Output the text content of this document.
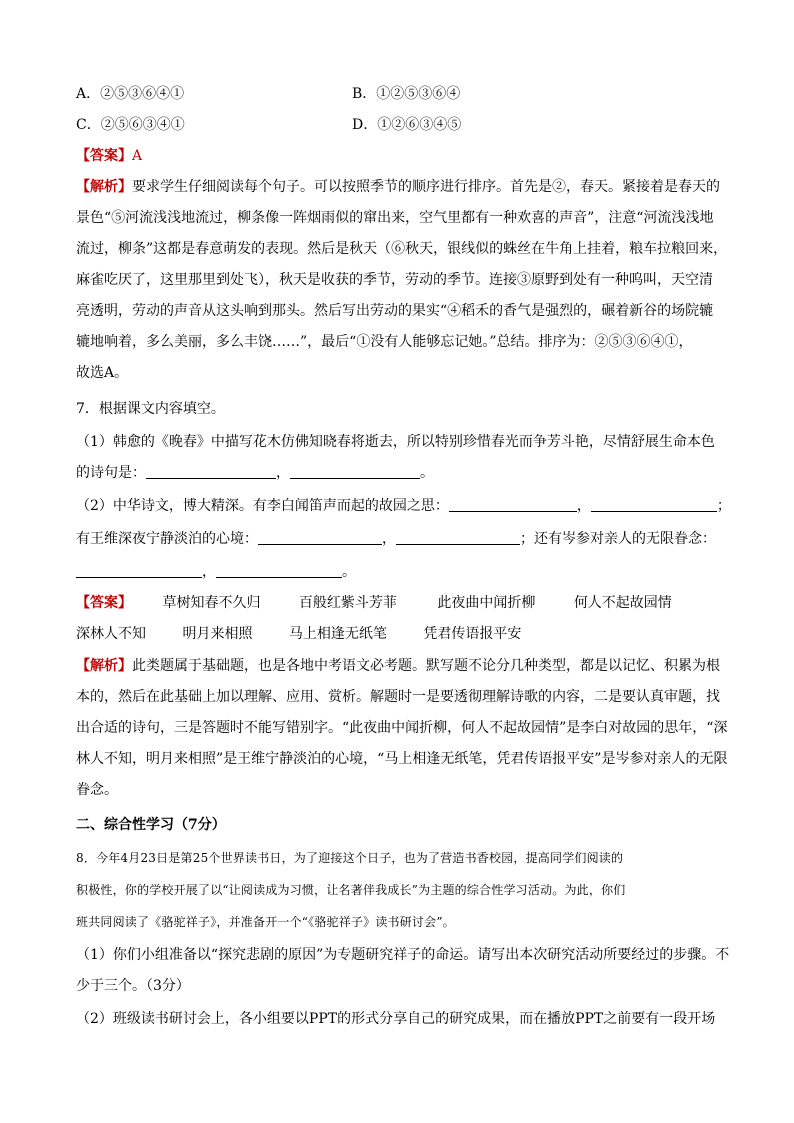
A．②⑤③⑥④①	B．①②⑤③⑥④
C．②⑤⑥③④①	D．①②⑥③④⑤
【答案】A
【解析】要求学生仔细阅读每个句子。可以按照季节的顺序进行排序。首先是②，春天。紧接着是春天的
景色“⑤河流浅浅地流过，柳条像一阵烟雨似的窜出来，空气里都有一种欢喜的声音”，注意“河流浅浅地
流过，柳条”这都是春意萌发的表现。然后是秋天（⑥秋天，银线似的蛛丝在牛角上挂着，粮车拉粮回来，
麻雀吃厌了，这里那里到处飞），秋天是收获的季节，劳动的季节。连接③原野到处有一种呜叫，天空清
亮透明，劳动的声音从这头响到那头。然后写出劳动的果实“④稻禾的香气是强烈的，碾着新谷的场院辘
辘地响着，多么美丽，多么丰饶……”，最后“①没有人能够忘记她。”总结。排序为：②⑤③⑥④①，
故选A。
7．根据课文内容填空。
（1）韩愈的《晚春》中描写花木仿佛知晓春将逝去，所以特别珍惜春光而争芳斗艳，尽情舒展生命本色
的诗句是：	，	。
（2）中华诗文，博大精深。有李白闻笛声而起的故园之思：	，	；
有王维深夜宁静淡泊的心境：	，	；还有岑参对亲人的无限眷念：
，	。
【答案】 草树知春不久归	百般红紫斗芳菲	此夜曲中闻折柳	何人不起故园情
深林人不知	明月来相照	马上相逢无纸笔	凭君传语报平安
【解析】此类题属于基础题，也是各地中考语文必考题。默写题不论分几种类型，都是以记忆、积累为根
本的，然后在此基础上加以理解、应用、赏析。解题时一是要透彻理解诗歌的内容，二是要认真审题，找
出合适的诗句，三是答题时不能写错别字。“此夜曲中闻折柳，何人不起故园情”是李白对故园的思年，“深
林人不知，明月来相照”是王维宁静淡泊的心境，“马上相逢无纸笔，凭君传语报平安”是岑参对亲人的无限
眷念。
二、综合性学习（7分）
8．今年4月23日是第25个世界读书日，为了迎接这个日子，也为了营造书香校园，提高同学们阅读的
积极性，你的学校开展了以“让阅读成为习惯，让名著伴我成长”为主题的综合性学习活动。为此，你们
班共同阅读了《骆驼祥子》，并准备开一个“《骆驼祥子》读书研讨会”。
（1）你们小组准备以“探究悲剧的原因”为专题研究祥子的命运。请写出本次研究活动所要经过的步骤。不
少于三个。（3分）
（2）班级读书研讨会上，各小组要以PPT的形式分享自己的研究成果，而在播放PPT之前要有一段开场
